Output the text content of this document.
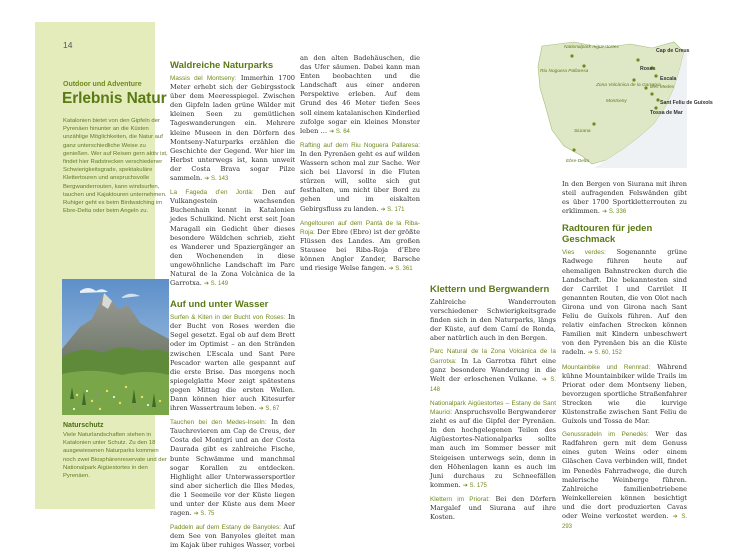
14
Outdoor und Adventure
Erlebnis Natur
Katalonien bietet von den Gipfeln der Pyrenäen hinunter an die Küsten unzählige Möglichkeiten, die Natur auf ganz unterschiedliche Weise zu genießen. Wer auf Reisen gern aktiv ist, findet hier Radstrecken verschiedener Schwierigkeitsgrade, spektakuläre Klettertouren und anspruchsvolle Bergwanderrouten, kann windsurfen, tauchen und Kajaktouren unternehmen. Ruhiger geht es beim Birdwatching im Ebre-Delta oder beim Angeln zu.
Naturschutz
Viele Naturlandschaften stehen in Katalonien unter Schutz. Zu den 18 ausgewiesenen Naturparks kommen noch zwei Biosphärenreservate und der Nationalpark Aigüestortes in den Pyrenäen.
Waldreiche Naturparks

Massis del Montseny: Immerhin 1700 Meter erhebt sich der Gebirgsstock über dem Meeresspiegel. Zwischen den Gipfeln laden grüne Wälder mit kleinen Seen zu gemütlichen Tageswanderungen ein. Mehrere kleine Museen in den Dörfern des Montseny-Naturparks erzählen die Geschichte der Gegend. Wer hier im Herbst unterwegs ist, kann unweit der Costa Brava sogar Pilze sammeln. ➔ S. 143

La Fageda d’en Jordà: Den auf Vulkangestein wachsenden Buchenhain kennt in Katalonien jedes Schulkind. Nicht erst seit Joan Maragall ein Gedicht über dieses besondere Wäldchen schrieb, zieht es Wanderer und Spaziergänger an den Wochenenden in diese ungewöhnliche Landschaft im Parc Natural de la Zona Volcànica de la Garrotxa. ➔ S. 149

Auf und unter Wasser

Surfen & Kiten in der Bucht von Roses: In der Bucht von Roses werden die Segel gesetzt. Egal ob auf dem Brett oder im Optimist – an den Stränden zwischen L’Escala und Sant Pere Pescador warten alle gespannt auf die erste Brise. Das morgens noch spiegelglatte Meer zeigt spätestens gegen Mittag die ersten Wellen. Dann können hier auch Kitesurfer ihren Wassertraum leben. ➔ S. 67

Tauchen bei den Medes-Inseln: In den Tauchrevieren am Cap de Creus, der Costa del Montgrí und an der Costa Daurada gibt es zahlreiche Fische, bunte Schwämme und manchmal sogar Korallen zu entdecken. Highlight aller Unterwassersportler sind aber sicherlich die Illes Medes, die 1 Seemeile vor der Küste liegen und unter der Küste aus dem Meer ragen. ➔ S. 75

Paddeln auf dem Estany de Banyoles: Auf dem See von Banyoles gleitet man im Kajak über ruhiges Wasser, vorbei

an den alten Badehäuschen, die das Ufer säumen. Dabei kann man Enten beobachten und die Landschaft aus einer anderen Perspektive erleben. Auf dem Grund des 46 Meter tiefen Sees soll einem katalanischen Kinderlied zufolge sogar ein kleines Monster leben … ➔ S. 64

Rafting auf dem Riu Noguera Pallaresa: In den Pyrenäen geht es auf wilden Wassern schon mal zur Sache. Wer sich bei Llavorsí in die Fluten stürzen will, sollte sich gut festhalten, um nicht über Bord zu gehen und im eiskalten Gebirgsfluss zu landen. ➔ S. 171

Angeltouren auf dem Pantà de la Riba-Roja: Der Ebre (Ebro) ist der größte Flüssen des Landes. Am großen Stausee bei Riba-Roja d’Ebre können Angler Zander, Barsche und riesige Welse fangen. ➔ S. 361

Klettern und Bergwandern

Zahlreiche Wanderrouten verschiedener Schwierigkeitsgrade finden sich in den Naturparks, längs der Küste, auf dem Camí de Ronda, aber natürlich auch in den Bergen.

Parc Natural de la Zona Volcànica de la Garrotxa: In La Garrotxa führt eine ganz besondere Wanderung in die Welt der erloschenen Vulkane. ➔ S. 148

Nationalpark Aigüestortes – Estany de Sant Maurici: Anspruchsvolle Bergwanderer zieht es auf die Gipfel der Pyrenäen. In den hochgelegenen Teilen des Aigüestortes-Nationalparks sollte man auch im Sommer besser mit Steigeisen unterwegs sein, denn in den Höhenlagen kann es auch im Juni durchaus zu Schneefällen kommen. ➔ S. 175

Klettern im Priorat: Bei den Dörfern Margalef und Siurana auf ihre Kosten.

Nationalpark Aigüestortes
Riu Noguera Pallaresa
Cap de Creus
Roses
Escala
Zona Volcànica de la Garrotxa
Illes Medes
Montseny	Sant Feliu de Guíxols
Tossa de Mar
Siurana
Ebre-Delta

In den Bergen von Siurana mit ihren steil aufragenden Felswänden gibt es über 1700 Sportkletterrouten zu erklimmen. ➔ S. 336

Radtouren für jeden Geschmack

Vies verdes: Sogenannte grüne Radwege führen heute auf ehemaligen Bahnstrecken durch die Landschaft. Die bekanntesten sind der Carrilet I und Carrilet II genannten Routen, die von Olot nach Girona und von Girona nach Sant Feliu de Guíxols führen. Auf den relativ einfachen Strecken können Familien mit Kindern unbeschwert von den Pyrenäen bis an die Küste radeln. ➔ S. 60, 152

Mountainbike und Rennrad: Während kühne Mountainbiker wilde Trails im Priorat oder dem Montseny lieben, bevorzugen sportliche Straßenfahrer Strecken wie die kurvige Küstenstraße zwischen Sant Feliu de Guíxols und Tossa de Mar.

Genussradeln im Penedès: Wer das Radfahren gern mit dem Genuss eines guten Weins oder einem Gläschen Cava verbinden will, findet im Penedès Fahrradwege, die durch malerische Weinberge führen. Zahlreiche familienbetriebene Weinkellereien können besichtigt und die dort produzierten Cavas oder Weine verkostet werden. ➔ S. 293
